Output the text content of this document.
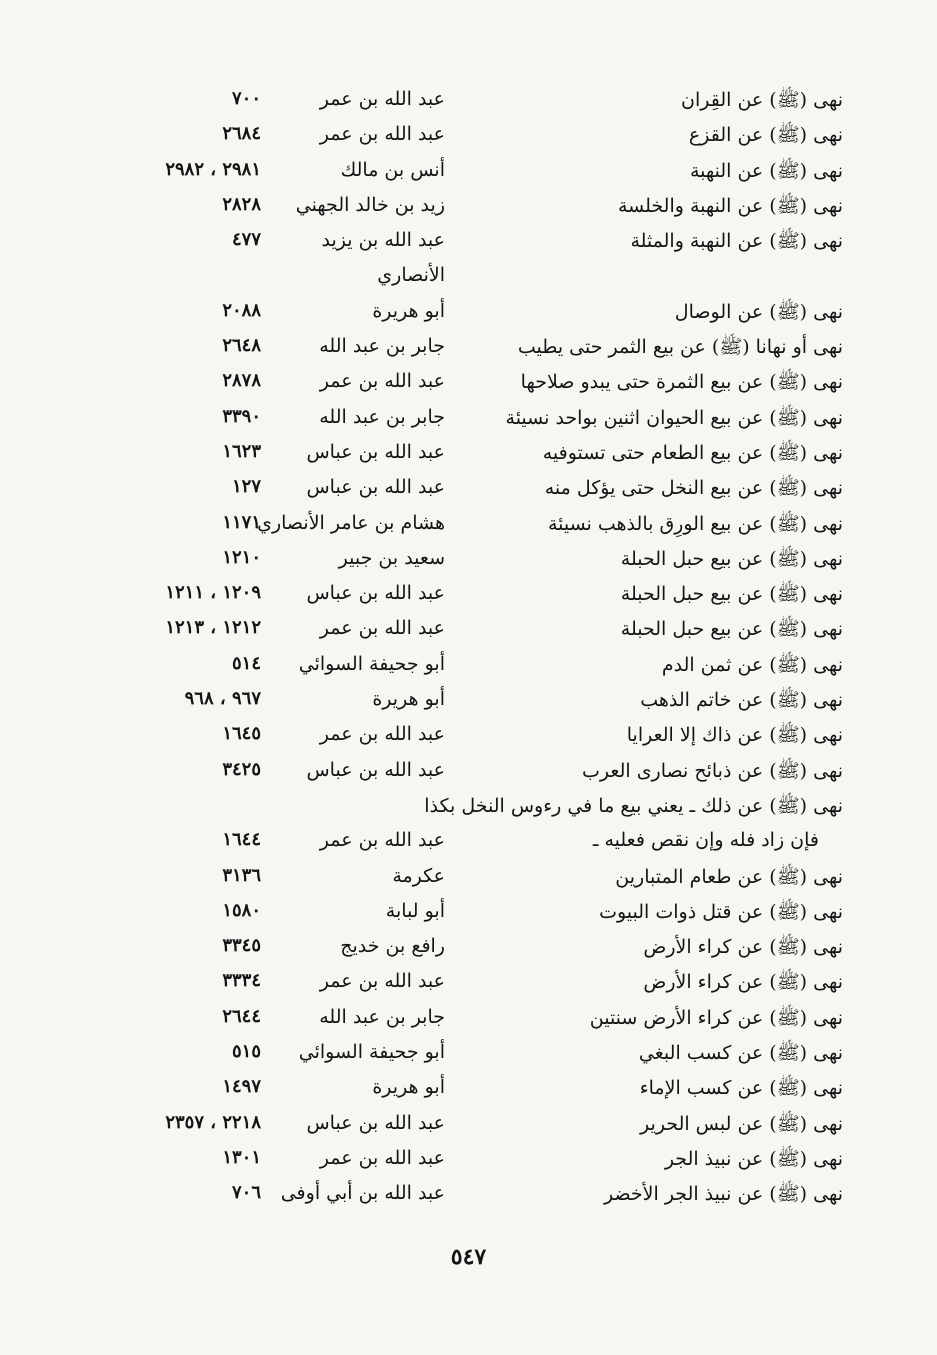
نهى (ﷺ) عن القِران
عبد الله بن عمر
٧٠٠
نهى (ﷺ) عن القزع
عبد الله بن عمر
٢٦٨٤
نهى (ﷺ) عن النهبة
أنس بن مالك
٢٩٨١ ، ٢٩٨٢
نهى (ﷺ) عن النهبة والخلسة
زيد بن خالد الجهني
٢٨٢٨
نهى (ﷺ) عن النهبة والمثلة
عبد الله بن يزيد
٤٧٧
الأنصاري
نهى (ﷺ) عن الوصال
أبو هريرة
٢٠٨٨
نهى أو نهانا (ﷺ) عن بيع الثمر حتى يطيب
جابر بن عبد الله
٢٦٤٨
نهى (ﷺ) عن بيع الثمرة حتى يبدو صلاحها
عبد الله بن عمر
٢٨٧٨
نهى (ﷺ) عن بيع الحيوان اثنين بواحد نسيئة
جابر بن عبد الله
٣٣٩٠
نهى (ﷺ) عن بيع الطعام حتى تستوفيه
عبد الله بن عباس
١٦٢٣
نهى (ﷺ) عن بيع النخل حتى يؤكل منه
عبد الله بن عباس
١٢٧
نهى (ﷺ) عن بيع الورِق بالذهب نسيئة
هشام بن عامر الأنصاري
١١٧١
نهى (ﷺ) عن بيع حبل الحبلة
سعيد بن جبير
١٢١٠
نهى (ﷺ) عن بيع حبل الحبلة
عبد الله بن عباس
١٢٠٩ ، ١٢١١
نهى (ﷺ) عن بيع حبل الحبلة
عبد الله بن عمر
١٢١٢ ، ١٢١٣
نهى (ﷺ) عن ثمن الدم
أبو جحيفة السوائي
٥١٤
نهى (ﷺ) عن خاتم الذهب
أبو هريرة
٩٦٧ ، ٩٦٨
نهى (ﷺ) عن ذاك إلا العرايا
عبد الله بن عمر
١٦٤٥
نهى (ﷺ) عن ذبائح نصارى العرب
عبد الله بن عباس
٣٤٢٥
نهى (ﷺ) عن ذلك ـ يعني بيع ما في رءوس النخل بكذا
فإن زاد فله وإن نقص فعليه ـ
عبد الله بن عمر
١٦٤٤
نهى (ﷺ) عن طعام المتبارين
عكرمة
٣١٣٦
نهى (ﷺ) عن قتل ذوات البيوت
أبو لبابة
١٥٨٠
نهى (ﷺ) عن كراء الأرض
رافع بن خديج
٣٣٤٥
نهى (ﷺ) عن كراء الأرض
عبد الله بن عمر
٣٣٣٤
نهى (ﷺ) عن كراء الأرض سنتين
جابر بن عبد الله
٢٦٤٤
نهى (ﷺ) عن كسب البغي
أبو جحيفة السوائي
٥١٥
نهى (ﷺ) عن كسب الإماء
أبو هريرة
١٤٩٧
نهى (ﷺ) عن لبس الحرير
عبد الله بن عباس
٢٢١٨ ، ٢٣٥٧
نهى (ﷺ) عن نبيذ الجر
عبد الله بن عمر
١٣٠١
نهى (ﷺ) عن نبيذ الجر الأخضر
عبد الله بن أبي أوفى
٧٠٦
٥٤٧
